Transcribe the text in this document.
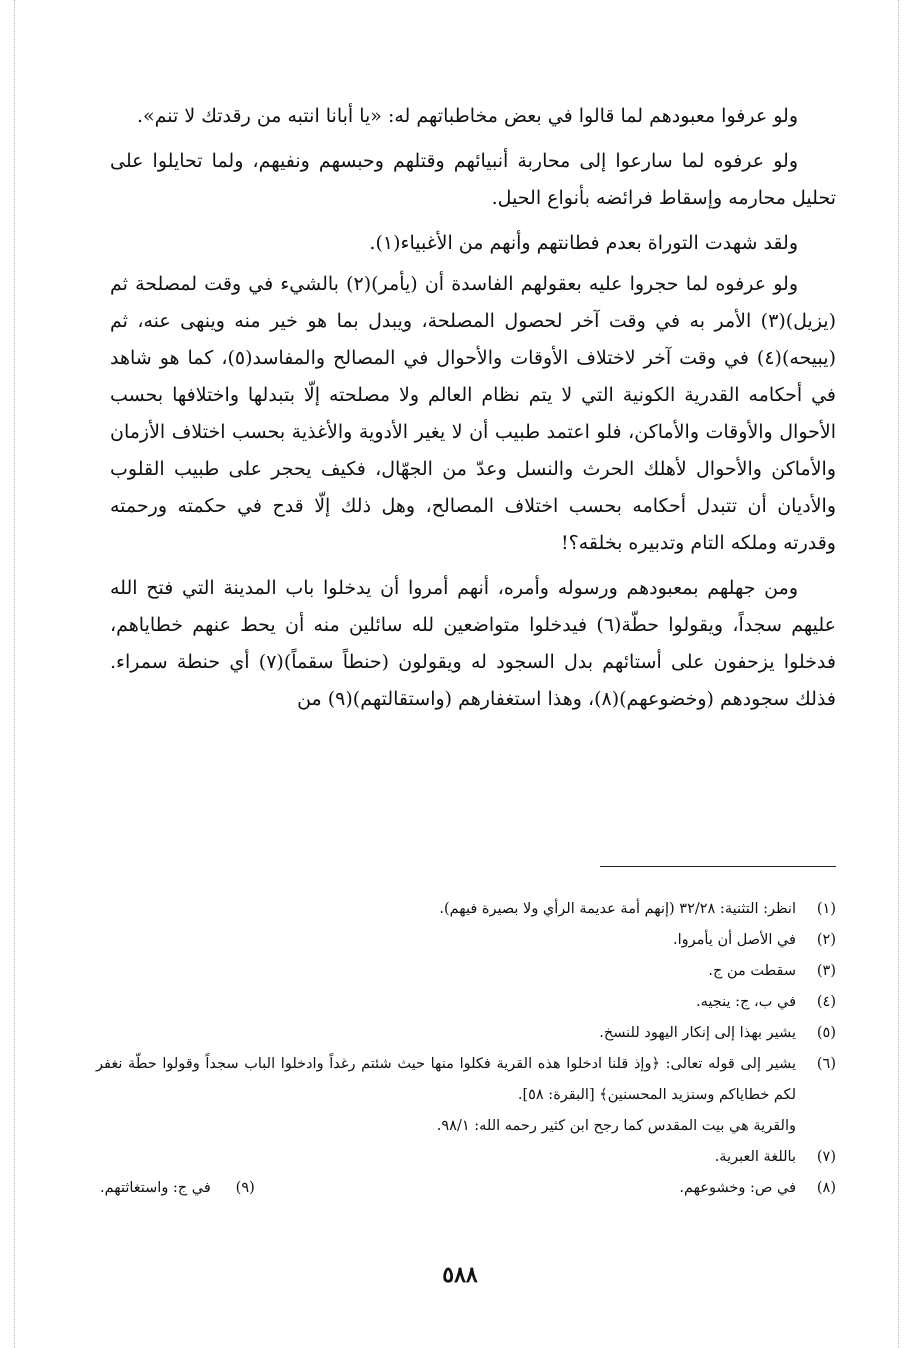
ولو عرفوا معبودهم لما قالوا في بعض مخاطباتهم له: «يا أبانا انتبه من رقدتك لا تنم».

ولو عرفوه لما سارعوا إلى محاربة أنبيائهم وقتلهم وحبسهم ونفيهم، ولما تحايلوا على تحليل محارمه وإسقاط فرائضه بأنواع الحيل.

ولقد شهدت التوراة بعدم فطانتهم وأنهم من الأغبياء(١).

ولو عرفوه لما حجروا عليه بعقولهم الفاسدة أن (يأمر)(٢) بالشيء في وقت لمصلحة ثم (يزيل)(٣) الأمر به في وقت آخر لحصول المصلحة، ويبدل بما هو خير منه وينهى عنه، ثم (يبيحه)(٤) في وقت آخر لاختلاف الأوقات والأحوال في المصالح والمفاسد(٥)، كما هو شاهد في أحكامه القدرية الكونية التي لا يتم نظام العالم ولا مصلحته إلّا بتبدلها واختلافها بحسب الأحوال والأوقات والأماكن، فلو اعتمد طبيب أن لا يغير الأدوية والأغذية بحسب اختلاف الأزمان والأماكن والأحوال لأهلك الحرث والنسل وعدّ من الجهّال، فكيف يحجر على طبيب القلوب والأديان أن تتبدل أحكامه بحسب اختلاف المصالح، وهل ذلك إلّا قدح في حكمته ورحمته وقدرته وملكه التام وتدبيره بخلقه؟!

ومن جهلهم بمعبودهم ورسوله وأمره، أنهم أمروا أن يدخلوا باب المدينة التي فتح الله عليهم سجداً، ويقولوا حطّة(٦) فيدخلوا متواضعين لله سائلين منه أن يحط عنهم خطاياهم، فدخلوا يزحفون على أستائهم بدل السجود له ويقولون (حنطاً سقماً)(٧) أي حنطة سمراء. فذلك سجودهم (وخضوعهم)(٨)، وهذا استغفارهم (واستقالتهم)(٩) من

(١)
انظر: التثنية: ٣٢/٢٨ (إنهم أمة عديمة الرأي ولا بصيرة فيهم).
(٢)
في الأصل أن يأمروا.
(٣)
سقطت من ج.
(٤)
في ب، ج: ينجيه.
(٥)
يشير بهذا إلى إنكار اليهود للنسخ.
(٦)
يشير إلى قوله تعالى: ﴿وإذ قلنا ادخلوا هذه القرية فكلوا منها حيث شئتم رغداً وادخلوا الباب سجداً وقولوا حطّة نغفر لكم خطاياكم وسنزيد المحسنين﴾ [البقرة: ٥٨].
والقرية هي بيت المقدس كما رجح ابن كثير رحمه الله: ٩٨/١.
(٧)
باللغة العبرية.
(٨)
في ص: وخشوعهم.
(٩)
في ج: واستغاثتهم.
٥٨٨
